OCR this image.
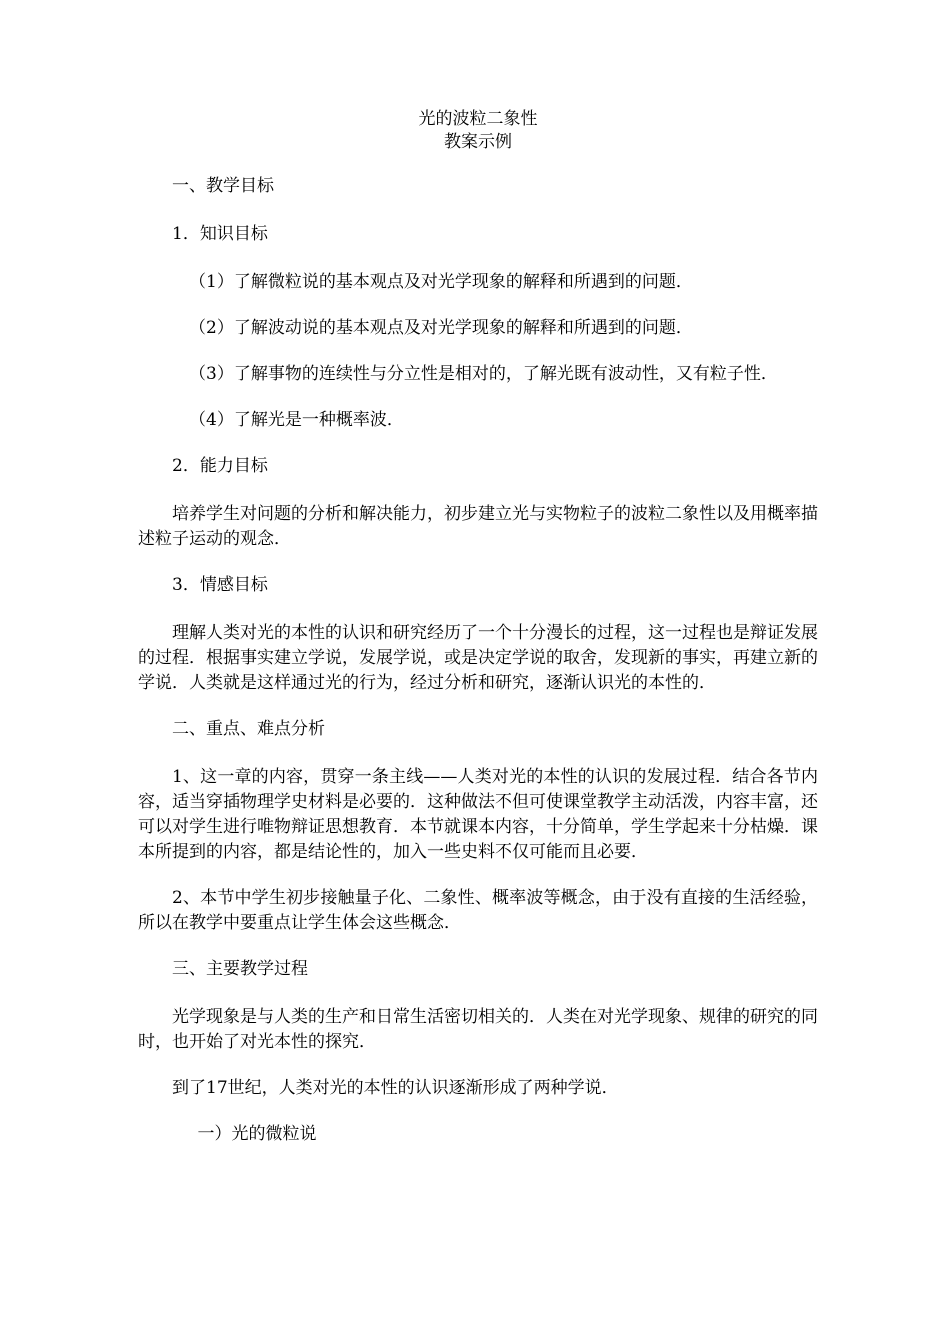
光的波粒二象性
教案示例
一、教学目标
1．知识目标
（1）了解微粒说的基本观点及对光学现象的解释和所遇到的问题．
（2）了解波动说的基本观点及对光学现象的解释和所遇到的问题．
（3）了解事物的连续性与分立性是相对的，了解光既有波动性，又有粒子性．
（4）了解光是一种概率波．
2．能力目标
培养学生对问题的分析和解决能力，初步建立光与实物粒子的波粒二象性以及用概率描述粒子运动的观念．
3．情感目标
理解人类对光的本性的认识和研究经历了一个十分漫长的过程，这一过程也是辩证发展的过程．根据事实建立学说，发展学说，或是决定学说的取舍，发现新的事实，再建立新的学说．人类就是这样通过光的行为，经过分析和研究，逐渐认识光的本性的．
二、重点、难点分析
1、这一章的内容，贯穿一条主线——人类对光的本性的认识的发展过程．结合各节内容，适当穿插物理学史材料是必要的．这种做法不但可使课堂教学主动活泼，内容丰富，还可以对学生进行唯物辩证思想教育．本节就课本内容，十分简单，学生学起来十分枯燥．课本所提到的内容，都是结论性的，加入一些史料不仅可能而且必要．
2、本节中学生初步接触量子化、二象性、概率波等概念，由于没有直接的生活经验，所以在教学中要重点让学生体会这些概念．
三、主要教学过程
光学现象是与人类的生产和日常生活密切相关的．人类在对光学现象、规律的研究的同时，也开始了对光本性的探究．
到了17世纪，人类对光的本性的认识逐渐形成了两种学说．
一）光的微粒说
